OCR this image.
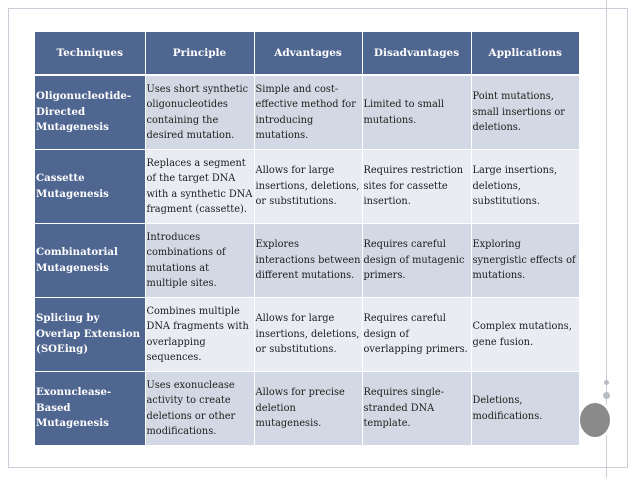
Techniques	Principle	Advantages	Disadvantages	Applications
Oligonucleotide-Directed Mutagenesis	Uses short synthetic oligonucleotides containing the desired mutation.	Simple and cost-effective method for introducing mutations.	Limited to small mutations.	Point mutations, small insertions or deletions.
Cassette Mutagenesis	Replaces a segment of the target DNA with a synthetic DNA fragment (cassette).	Allows for large insertions, deletions, or substitutions.	Requires restriction sites for cassette insertion.	Large insertions, deletions, substitutions.
Combinatorial Mutagenesis	Introduces combinations of mutations at multiple sites.	Explores interactions between different mutations.	Requires careful design of mutagenic primers.	Exploring synergistic effects of mutations.
Splicing by Overlap Extension (SOEing)	Combines multiple DNA fragments with overlapping sequences.	Allows for large insertions, deletions, or substitutions.	Requires careful design of overlapping primers.	Complex mutations, gene fusion.
Exonuclease-Based Mutagenesis	Uses exonuclease activity to create deletions or other modifications.	Allows for precise deletion mutagenesis.	Requires single-stranded DNA template.	Deletions, modifications.
